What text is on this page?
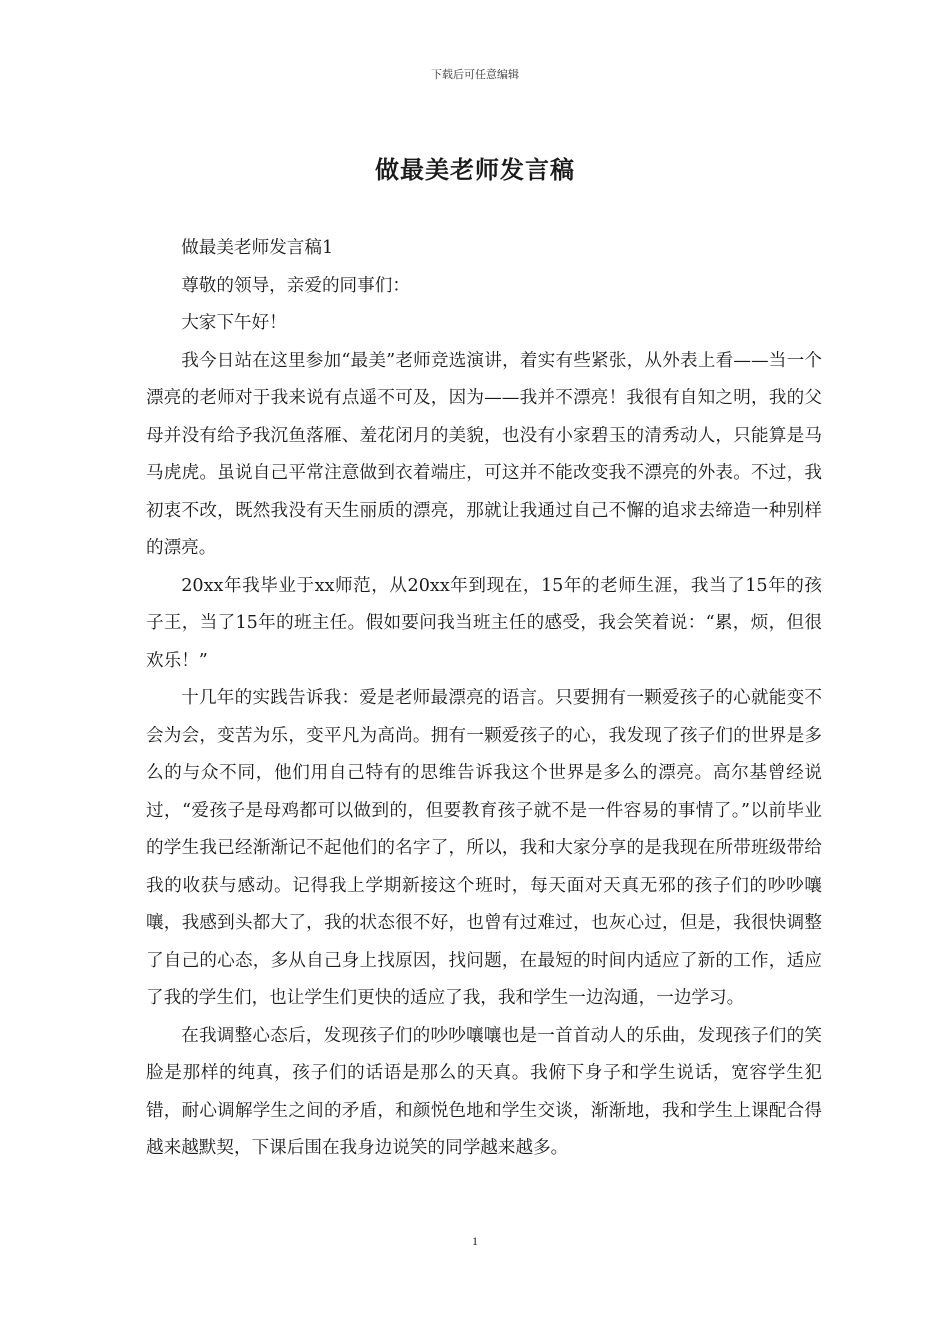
下载后可任意编辑
做最美老师发言稿

做最美老师发言稿1

尊敬的领导，亲爱的同事们：

大家下午好！

我今日站在这里参加“最美”老师竞选演讲，着实有些紧张，从外表上看——当一个漂亮的老师对于我来说有点遥不可及，因为——我并不漂亮！我很有自知之明，我的父母并没有给予我沉鱼落雁、羞花闭月的美貌，也没有小家碧玉的清秀动人，只能算是马马虎虎。虽说自己平常注意做到衣着端庄，可这并不能改变我不漂亮的外表。不过，我初衷不改，既然我没有天生丽质的漂亮，那就让我通过自己不懈的追求去缔造一种别样的漂亮。

20xx年我毕业于xx师范，从20xx年到现在，15年的老师生涯，我当了15年的孩子王，当了15年的班主任。假如要问我当班主任的感受，我会笑着说：“累，烦，但很欢乐！”

十几年的实践告诉我：爱是老师最漂亮的语言。只要拥有一颗爱孩子的心就能变不会为会，变苦为乐，变平凡为高尚。拥有一颗爱孩子的心，我发现了孩子们的世界是多么的与众不同，他们用自己特有的思维告诉我这个世界是多么的漂亮。高尔基曾经说过，“爱孩子是母鸡都可以做到的，但要教育孩子就不是一件容易的事情了。”以前毕业的学生我已经渐渐记不起他们的名字了，所以，我和大家分享的是我现在所带班级带给我的收获与感动。记得我上学期新接这个班时，每天面对天真无邪的孩子们的吵吵嚷嚷，我感到头都大了，我的状态很不好，也曾有过难过，也灰心过，但是，我很快调整了自己的心态，多从自己身上找原因，找问题，在最短的时间内适应了新的工作，适应了我的学生们，也让学生们更快的适应了我，我和学生一边沟通，一边学习。

在我调整心态后，发现孩子们的吵吵嚷嚷也是一首首动人的乐曲，发现孩子们的笑脸是那样的纯真，孩子们的话语是那么的天真。我俯下身子和学生说话，宽容学生犯错，耐心调解学生之间的矛盾，和颜悦色地和学生交谈，渐渐地，我和学生上课配合得越来越默契，下课后围在我身边说笑的同学越来越多。

1
